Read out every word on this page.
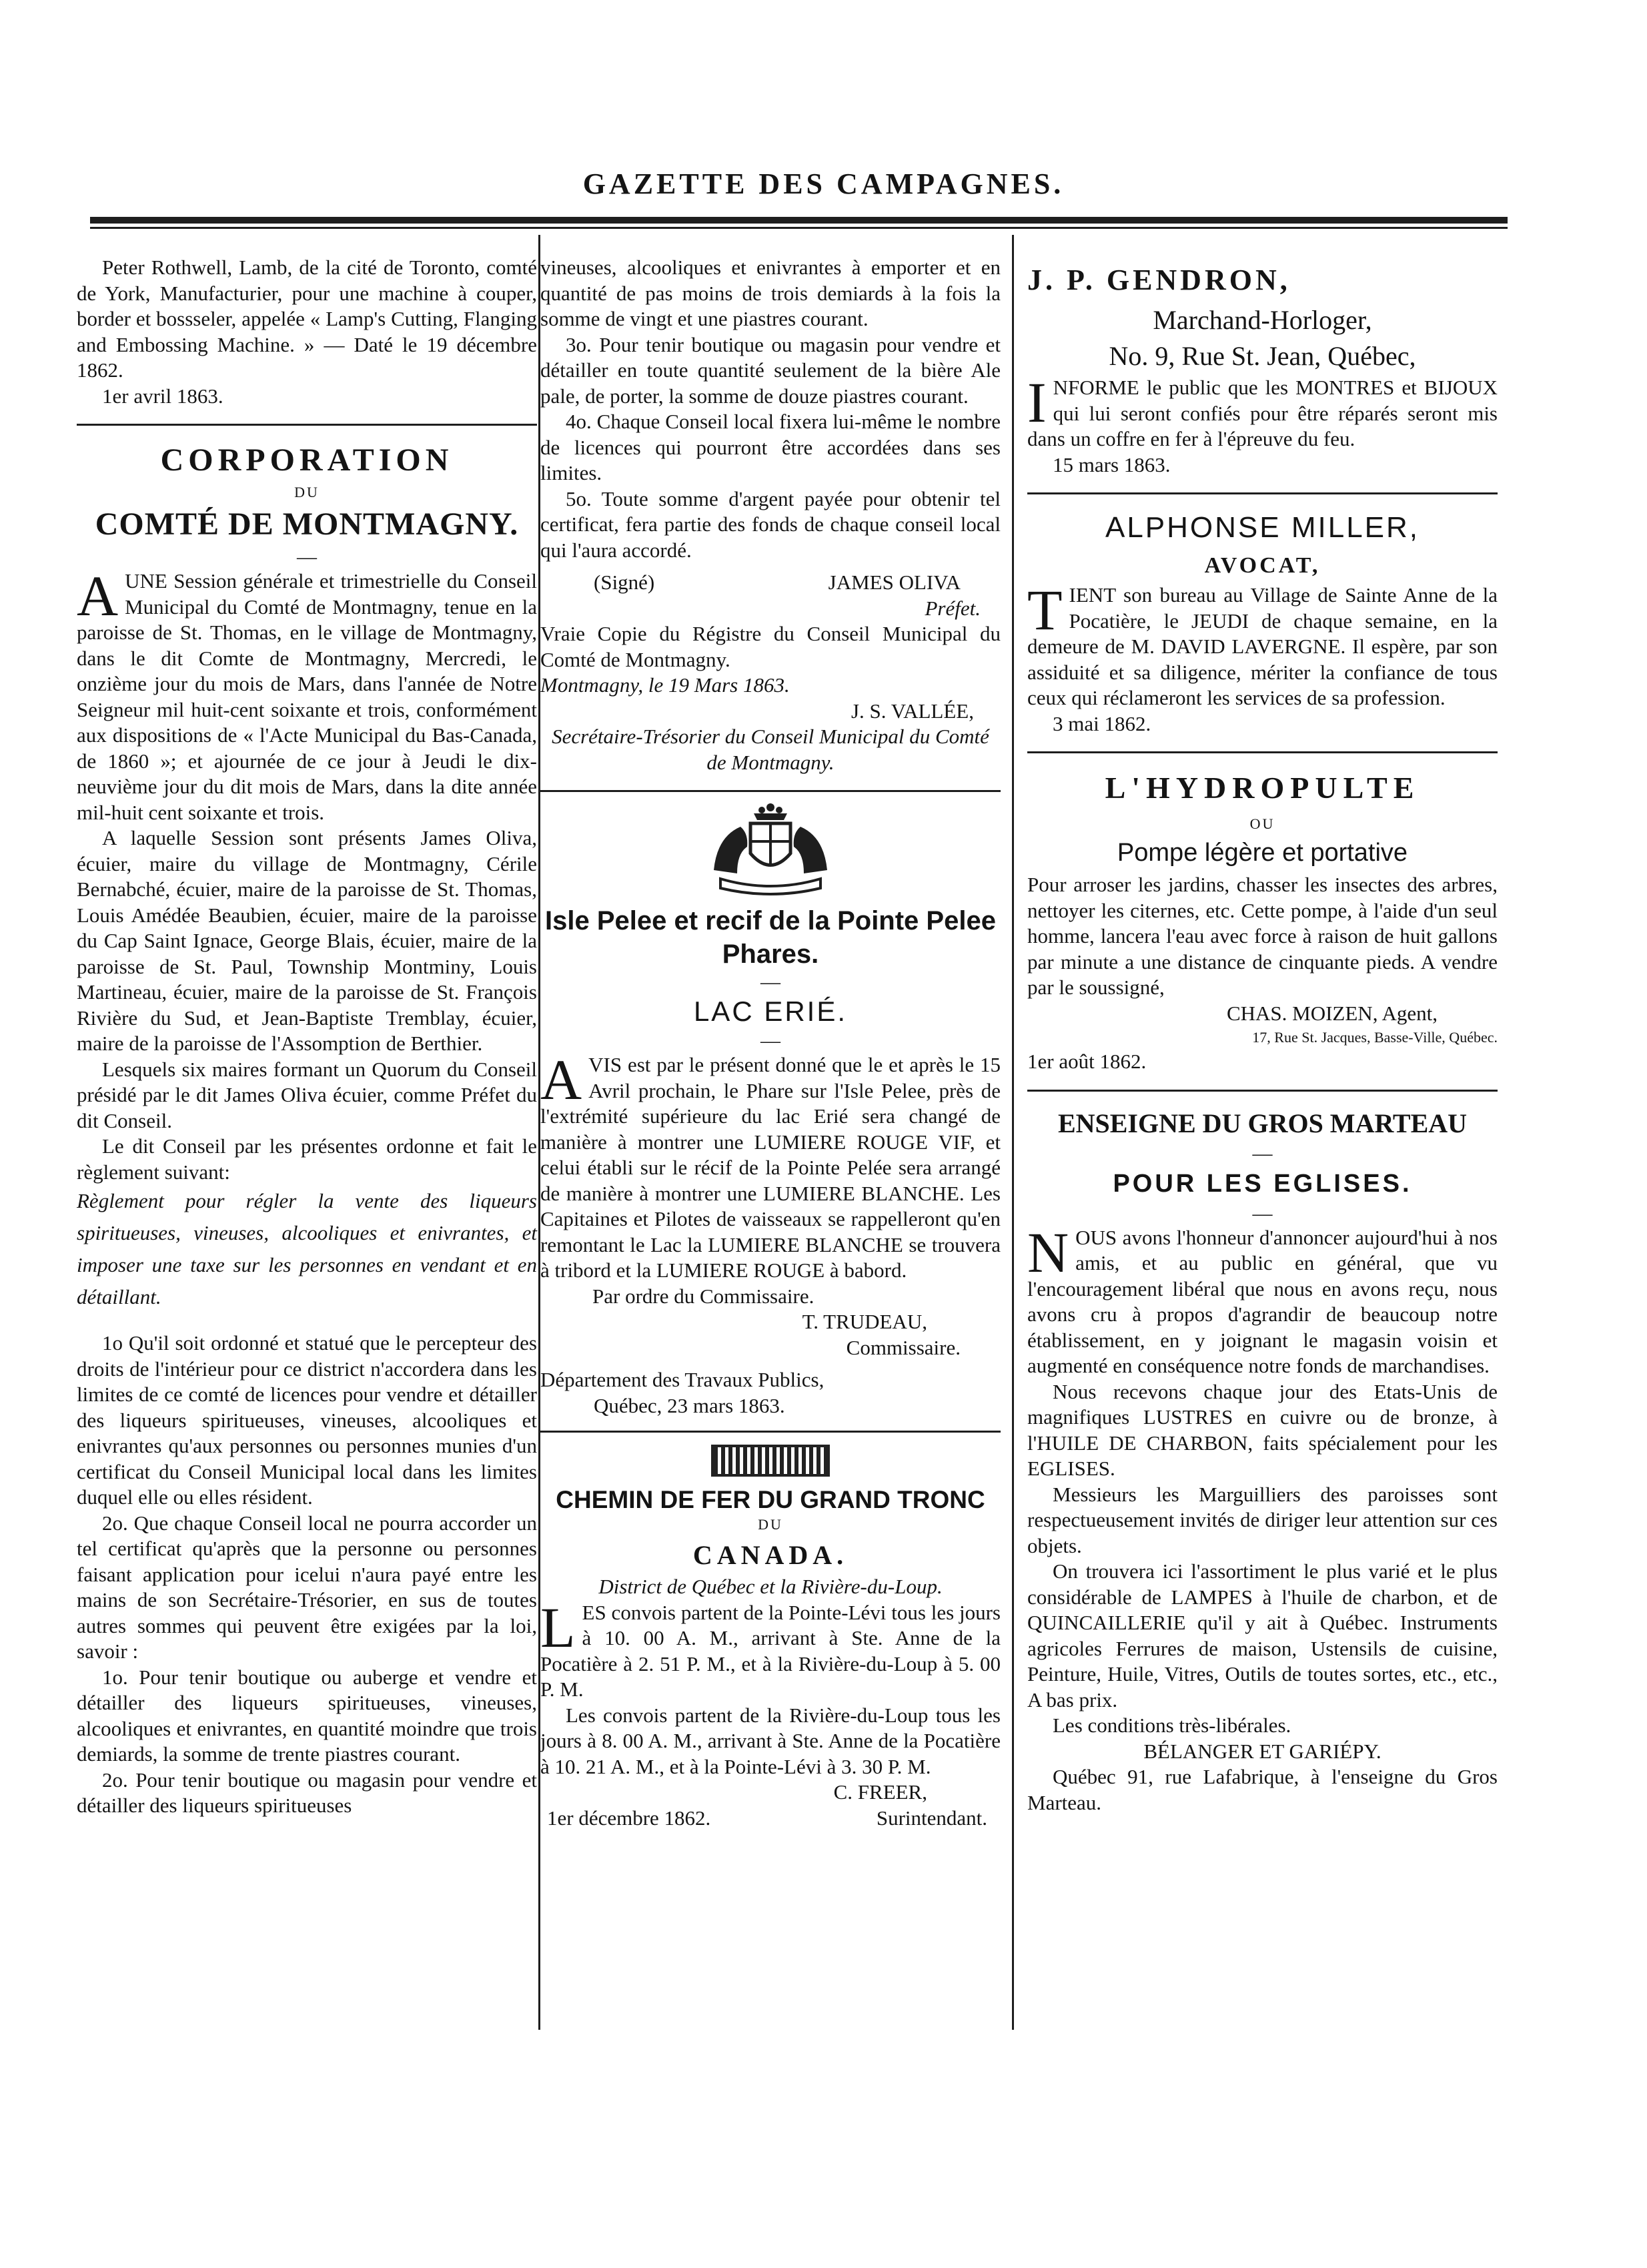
GAZETTE DES CAMPAGNES.

Peter Rothwell, Lamb, de la cité de Toronto, comté de York, Manufacturier, pour une machine à couper, border et bossseler, appelée « Lamp's Cutting, Flanging and Embossing Machine. » — Daté le 19 décembre 1862.

1er avril 1863.

CORPORATION
DU
COMTÉ DE MONTMAGNY.
—
A UNE Session générale et trimestrielle du Conseil Municipal du Comté de Montmagny, tenue en la paroisse de St. Thomas, en le village de Montmagny, dans le dit Comte de Montmagny, Mercredi, le onzième jour du mois de Mars, dans l'année de Notre Seigneur mil huit-cent soixante et trois, conformément aux dispositions de « l'Acte Municipal du Bas-Canada, de 1860 »; et ajournée de ce jour à Jeudi le dix-neuvième jour du dit mois de Mars, dans la dite année mil-huit cent soixante et trois.

A laquelle Session sont présents James Oliva, écuier, maire du village de Montmagny, Cérile Bernabché, écuier, maire de la paroisse de St. Thomas, Louis Amédée Beaubien, écuier, maire de la paroisse du Cap Saint Ignace, George Blais, écuier, maire de la paroisse de St. Paul, Township Montminy, Louis Martineau, écuier, maire de la paroisse de St. François Rivière du Sud, et Jean-Baptiste Tremblay, écuier, maire de la paroisse de l'Assomption de Berthier.

Lesquels six maires formant un Quorum du Conseil présidé par le dit James Oliva écuier, comme Préfet du dit Conseil.

Le dit Conseil par les présentes ordonne et fait le règlement suivant:

Règlement pour régler la vente des liqueurs spiritueuses, vineuses, alcooliques et enivrantes, et imposer une taxe sur les personnes en vendant et en détaillant.

1o Qu'il soit ordonné et statué que le percepteur des droits de l'intérieur pour ce district n'accordera dans les limites de ce comté de licences pour vendre et détailler des liqueurs spiritueuses, vineuses, alcooliques et enivrantes qu'aux personnes ou personnes munies d'un certificat du Conseil Municipal local dans les limites duquel elle ou elles résident.

2o. Que chaque Conseil local ne pourra accorder un tel certificat qu'après que la personne ou personnes faisant application pour icelui n'aura payé entre les mains de son Secrétaire-Trésorier, en sus de toutes autres sommes qui peuvent être exigées par la loi, savoir :

1o. Pour tenir boutique ou auberge et vendre et détailler des liqueurs spiritueuses, vineuses, alcooliques et enivrantes, en quantité moindre que trois demiards, la somme de trente piastres courant.

2o. Pour tenir boutique ou magasin pour vendre et détailler des liqueurs spiritueuses

vineuses, alcooliques et enivrantes à emporter et en quantité de pas moins de trois demiards à la fois la somme de vingt et une piastres courant.

3o. Pour tenir boutique ou magasin pour vendre et détailler en toute quantité seulement de la bière Ale pale, de porter, la somme de douze piastres courant.

4o. Chaque Conseil local fixera lui-même le nombre de licences qui pourront être accordées dans ses limites.

5o. Toute somme d'argent payée pour obtenir tel certificat, fera partie des fonds de chaque conseil local qui l'aura accordé.

(Signé)	JAMES OLIVA

Préfet.

Vraie Copie du Régistre du Conseil Municipal du Comté de Montmagny.

Montmagny, le 19 Mars 1863.

J. S. VALLÉE,

Secrétaire-Trésorier du Conseil Municipal du Comté de Montmagny.

Isle Pelee et recif de la Pointe Pelee Phares.
—
LAC ERIÉ.
—
A VIS est par le présent donné que le et après le 15 Avril prochain, le Phare sur l'Isle Pelee, près de l'extrémité supérieure du lac Erié sera changé de manière à montrer une LUMIERE ROUGE VIF, et celui établi sur le récif de la Pointe Pelée sera arrangé de manière à montrer une LUMIERE BLANCHE. Les Capitaines et Pilotes de vaisseaux se rappelleront qu'en remontant le Lac la LUMIERE BLANCHE se trouvera à tribord et la LUMIERE ROUGE à babord.

Par ordre du Commissaire.

T. TRUDEAU,

Commissaire.

Département des Travaux Publics,

Québec, 23 mars 1863.

CHEMIN DE FER DU GRAND TRONC
DU
CANADA.

District de Québec et la Rivière-du-Loup.

L ES convois partent de la Pointe-Lévi tous les jours à 10. 00 A. M., arrivant à Ste. Anne de la Pocatière à 2. 51 P. M., et à la Rivière-du-Loup à 5. 00 P. M.

Les convois partent de la Rivière-du-Loup tous les jours à 8. 00 A. M., arrivant à Ste. Anne de la Pocatière à 10. 21 A. M., et à la Pointe-Lévi à 3. 30 P. M.

C. FREER,

1er décembre 1862.	Surintendant.
J. P. GENDRON,
Marchand-Horloger,
No. 9, Rue St. Jean, Québec,
I NFORME le public que les MONTRES et BIJOUX qui lui seront confiés pour être réparés seront mis dans un coffre en fer à l'épreuve du feu.

15 mars 1863.

ALPHONSE MILLER,
AVOCAT,
T IENT son bureau au Village de Sainte Anne de la Pocatière, le JEUDI de chaque semaine, en la demeure de M. DAVID LAVERGNE. Il espère, par son assiduité et sa diligence, mériter la confiance de tous ceux qui réclameront les services de sa profession.

3 mai 1862.

L'HYDROPULTE
OU
Pompe légère et portative

Pour arroser les jardins, chasser les insectes des arbres, nettoyer les citernes, etc. Cette pompe, à l'aide d'un seul homme, lancera l'eau avec force à raison de huit gallons par minute a une distance de cinquante pieds. A vendre par le soussigné,

CHAS. MOIZEN, Agent,

17, Rue St. Jacques, Basse-Ville, Québec.

1er août 1862.

ENSEIGNE DU GROS MARTEAU
—
POUR LES EGLISES.
—
N OUS avons l'honneur d'annoncer aujourd'hui à nos amis, et au public en général, que vu l'encouragement libéral que nous en avons reçu, nous avons cru à propos d'agrandir de beaucoup notre établissement, en y joignant le magasin voisin et augmenté en conséquence notre fonds de marchandises.

Nous recevons chaque jour des Etats-Unis de magnifiques LUSTRES en cuivre ou de bronze, à l'HUILE DE CHARBON, faits spécialement pour les EGLISES.

Messieurs les Marguilliers des paroisses sont respectueusement invités de diriger leur attention sur ces objets.

On trouvera ici l'assortiment le plus varié et le plus considérable de LAMPES à l'huile de charbon, et de QUINCAILLERIE qu'il y ait à Québec. Instruments agricoles Ferrures de maison, Ustensils de cuisine, Peinture, Huile, Vitres, Outils de toutes sortes, etc., etc., A bas prix.

Les conditions très-libérales.

BÉLANGER ET GARIÉPY.

Québec 91, rue Lafabrique, à l'enseigne du Gros Marteau.
